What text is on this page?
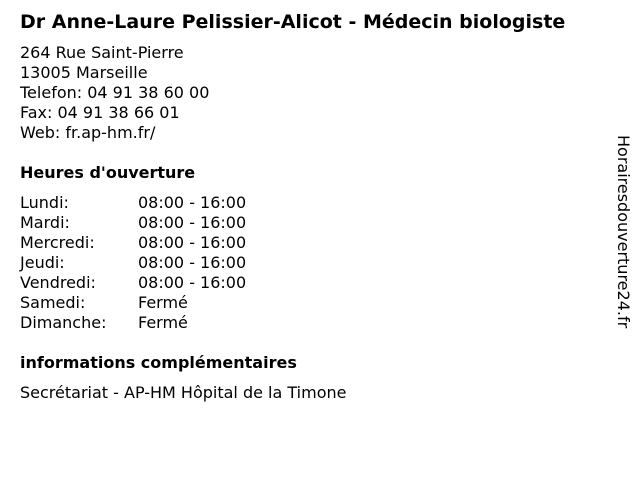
Dr Anne-Laure Pelissier-Alicot - Médecin biologiste
264 Rue Saint-Pierre
13005 Marseille
Telefon: 04 91 38 60 00
Fax: 04 91 38 66 01
Web: fr.ap-hm.fr/
Heures d'ouverture
Lundi:	08:00 - 16:00
Mardi:	08:00 - 16:00
Mercredi:	08:00 - 16:00
Jeudi:	08:00 - 16:00
Vendredi:	08:00 - 16:00
Samedi:	Fermé
Dimanche:	Fermé
informations complémentaires
Secrétariat - AP-HM Hôpital de la Timone
Horairesdouverture24.fr
